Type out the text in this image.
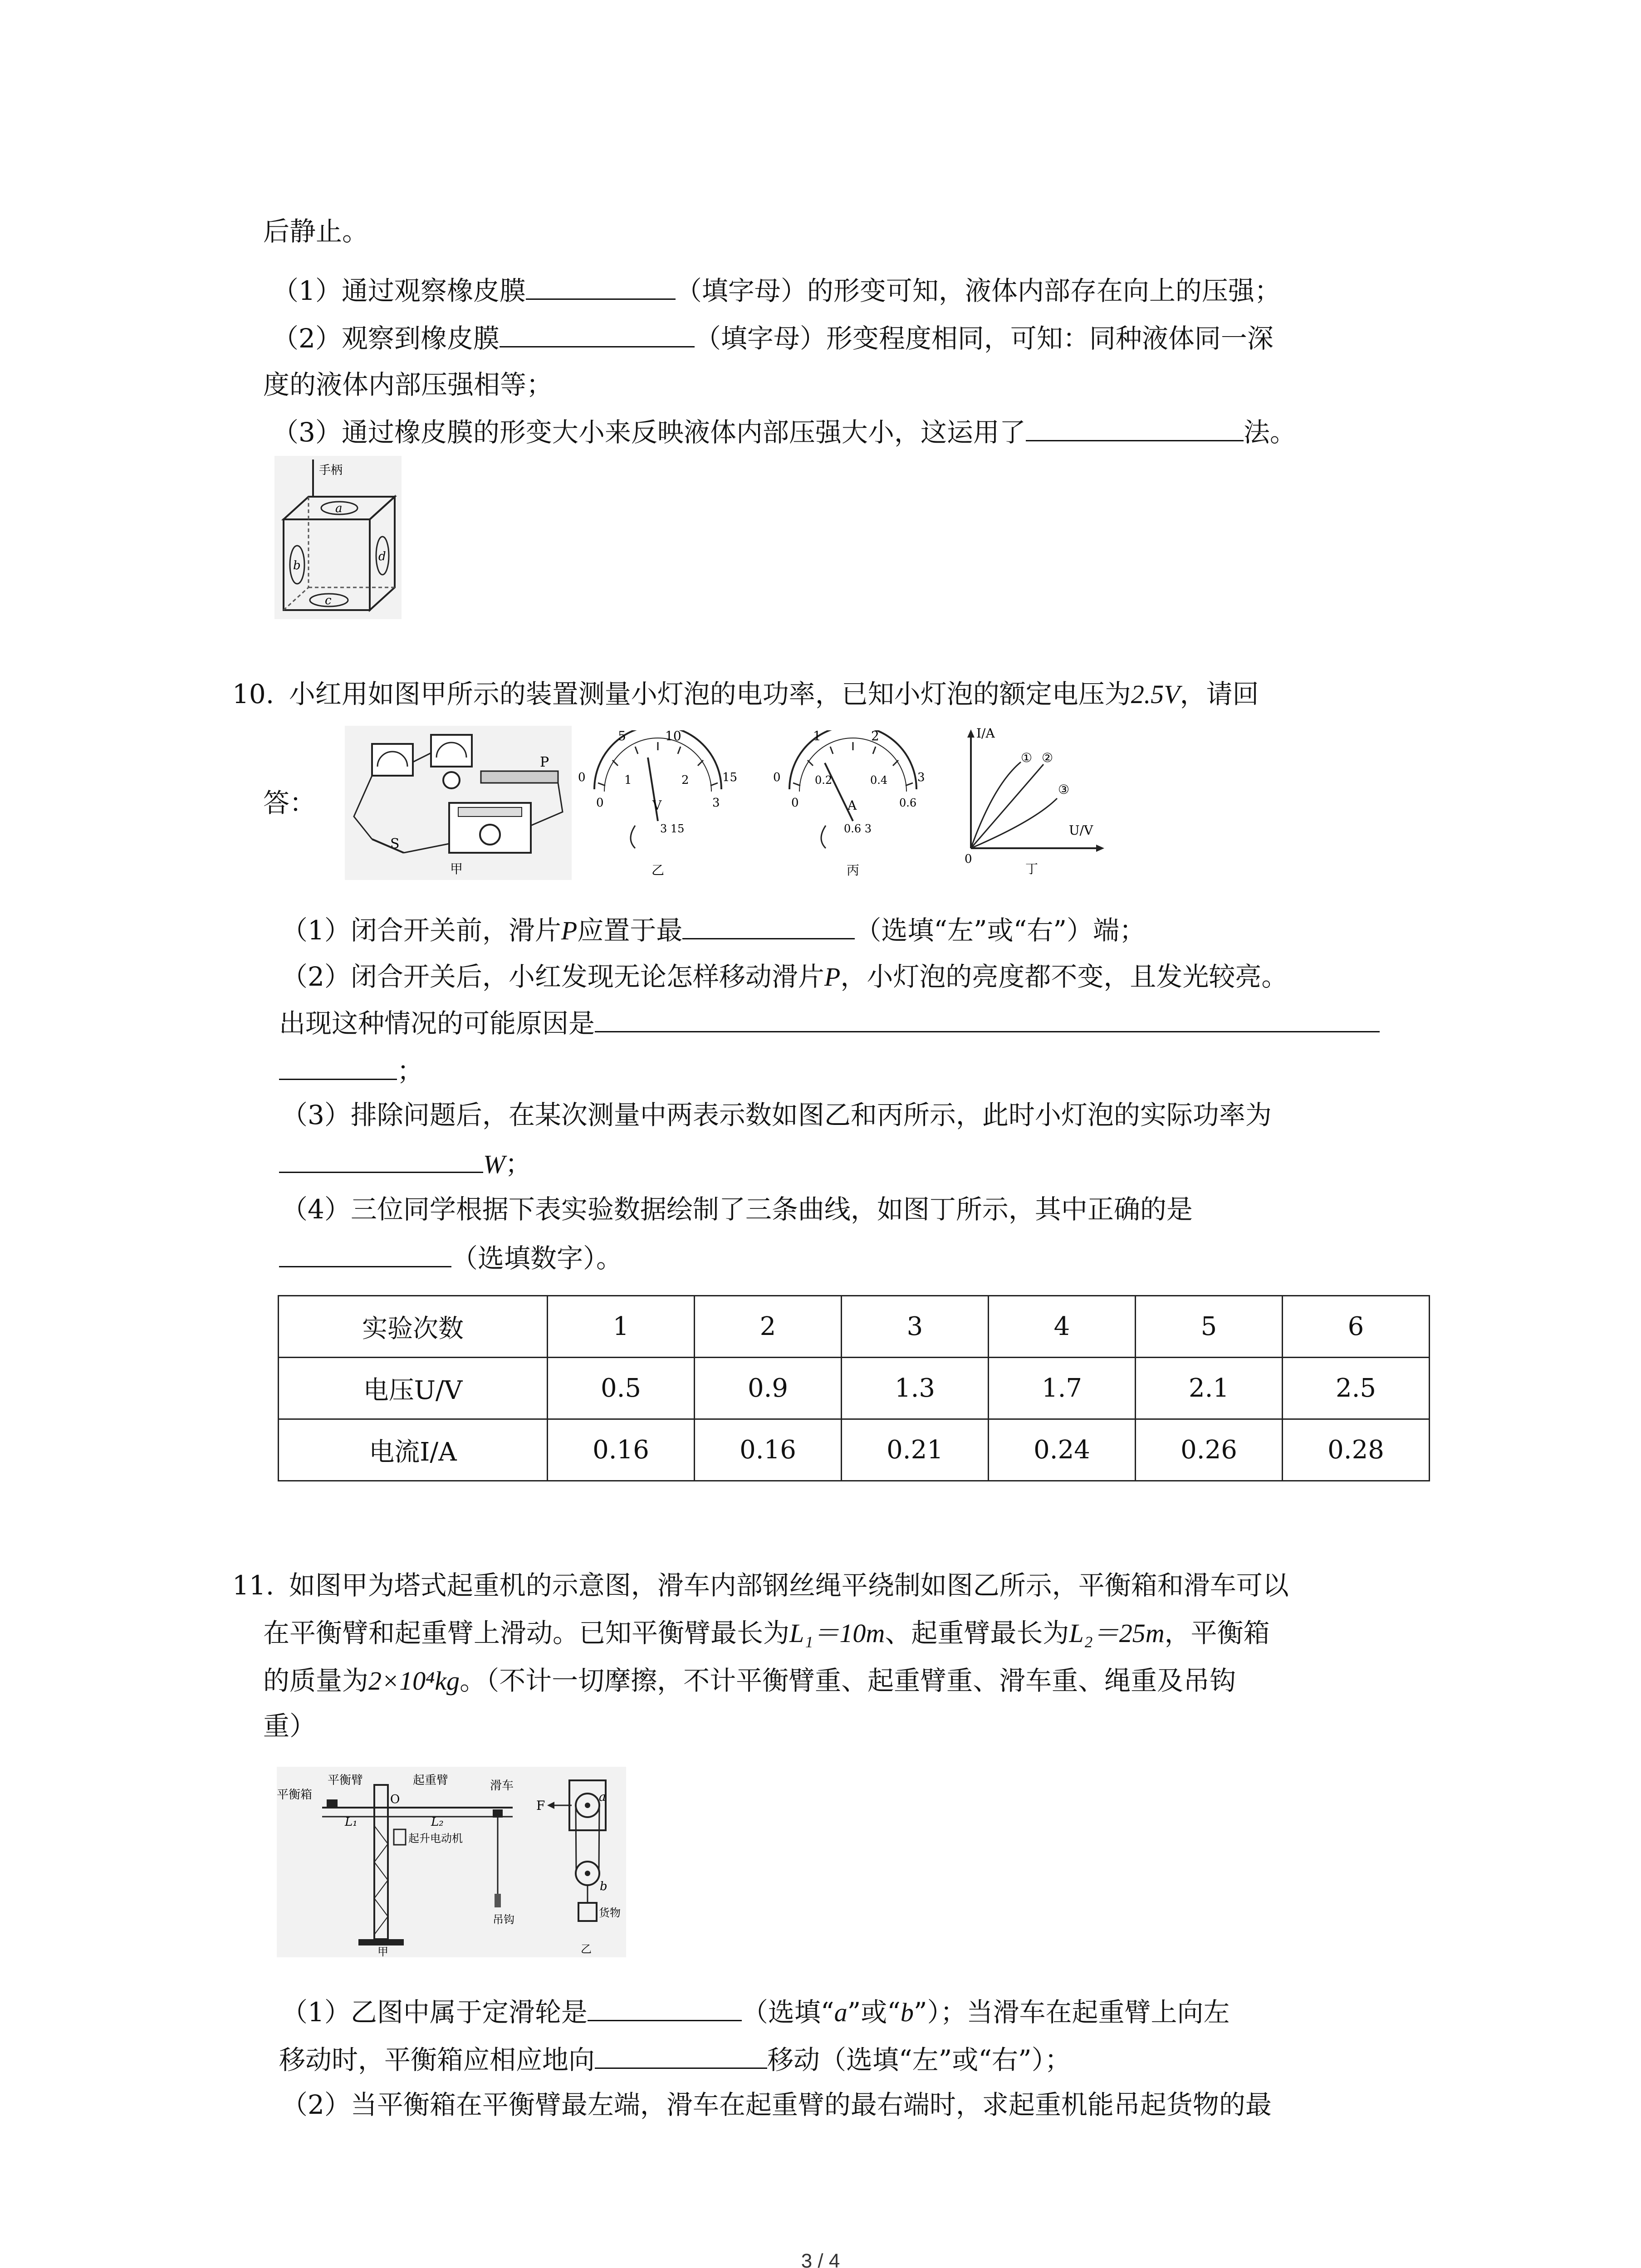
后静止。
（1）通过观察橡皮膜	（填字母）的形变可知，液体内部存在向上的压强；
（2）观察到橡皮膜	（填字母）形变程度相同，可知：同种液体同一深
度的液体内部压强相等；
（3）通过橡皮膜的形变大小来反映液体内部压强大小，这运用了	法。
手柄
a
b
d
c
10. 小红用如图甲所示的装置测量小灯泡的电功率，已知小灯泡的额定电压为2.5V，请回
答：
P
S
甲
5	10
0
0
1	2
3
15
V
3 15
乙
1	2
0
0
0.2	0.4
0.6
3
A
0.6 3
丙
I/A
U/V
0
① ②
③
丁
（1）闭合开关前，滑片P应置于最	（选填“左”或“右”）端；
（2）闭合开关后，小红发现无论怎样移动滑片P，小灯泡的亮度都不变，且发光较亮。
出现这种情况的可能原因是
；
（3）排除问题后，在某次测量中两表示数如图乙和丙所示，此时小灯泡的实际功率为
W；
（4）三位同学根据下表实验数据绘制了三条曲线，如图丁所示，其中正确的是
（选填数字）。
实验次数	1	2	3	4	5	6
电压U/V	0.5	0.9	1.3	1.7	2.1	2.5
电流I/A	0.16	0.16	0.21	0.24	0.26	0.28
11. 如图甲为塔式起重机的示意图，滑车内部钢丝绳平绕制如图乙所示，平衡箱和滑车可以
在平衡臂和起重臂上滑动。已知平衡臂最长为L₁＝10m、起重臂最长为L₂＝25m，平衡箱
的质量为2×10⁴kg。（不计一切摩擦，不计平衡臂重、起重臂重、滑车重、绳重及吊钩
重）
平衡箱
平衡臂	起重臂	滑车
O
L₁	L₂
起升电动机
吊钩
甲
F
a
b
货物
乙
（1）乙图中属于定滑轮是	（选填“a”或“b”）；当滑车在起重臂上向左
移动时，平衡箱应相应地向	移动（选填“左”或“右”）；
（2）当平衡箱在平衡臂最左端，滑车在起重臂的最右端时，求起重机能吊起货物的最
3 / 4
